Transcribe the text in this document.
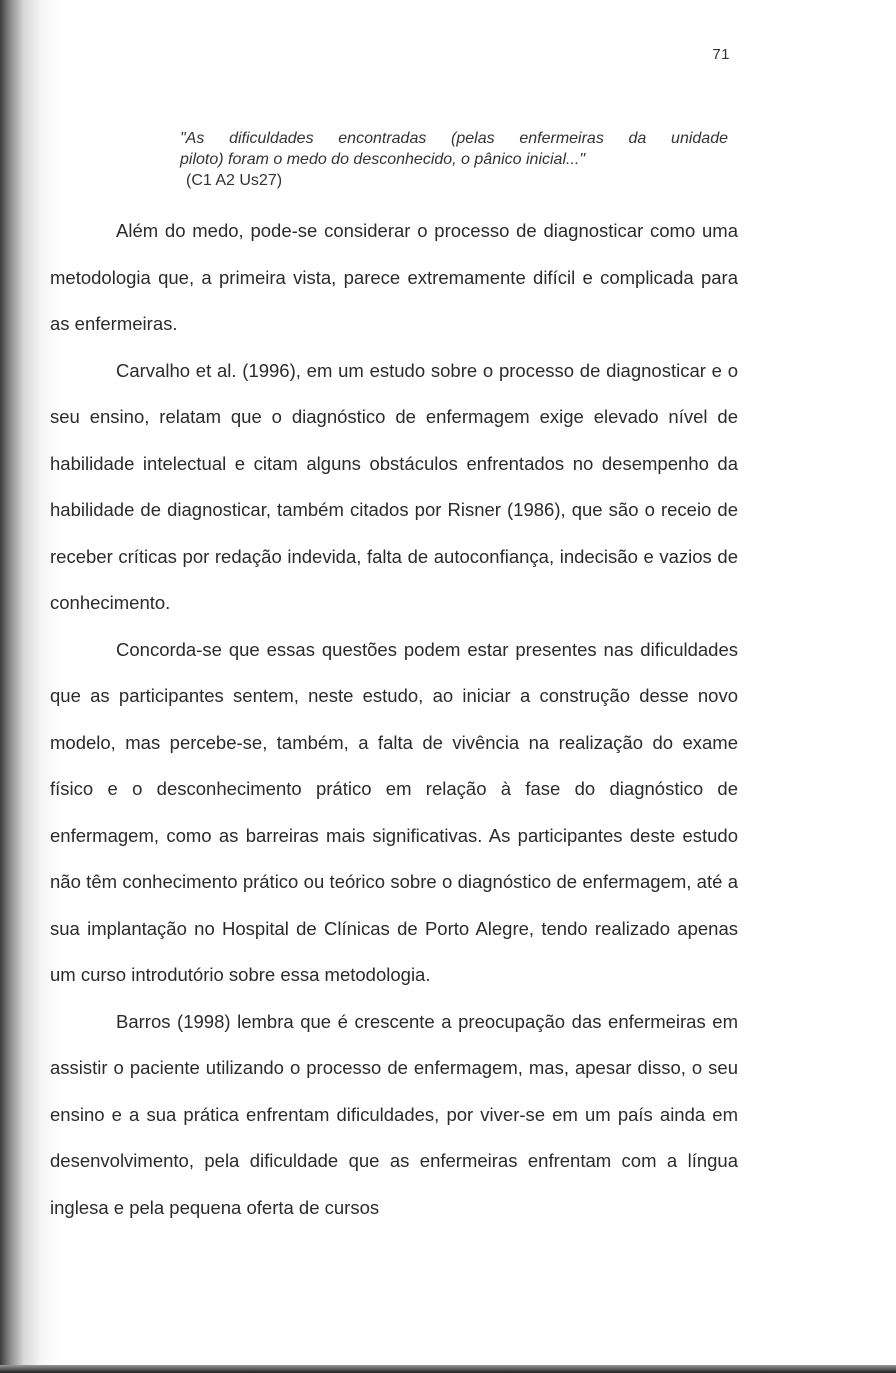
71
"As dificuldades encontradas (pelas enfermeiras da unidade
piloto) foram o medo do desconhecido, o pânico inicial..."
(C1 A2 Us27)

Além do medo, pode-se considerar o processo de diagnosticar como uma metodologia que, a primeira vista, parece extremamente difícil e complicada para as enfermeiras.

Carvalho et al. (1996), em um estudo sobre o processo de diagnosticar e o seu ensino, relatam que o diagnóstico de enfermagem exige elevado nível de habilidade intelectual e citam alguns obstáculos enfrentados no desempenho da habilidade de diagnosticar, também citados por Risner (1986), que são o receio de receber críticas por redação indevida, falta de autoconfiança, indecisão e vazios de conhecimento.

Concorda-se que essas questões podem estar presentes nas dificuldades que as participantes sentem, neste estudo, ao iniciar a construção desse novo modelo, mas percebe-se, também, a falta de vivência na realização do exame físico e o desconhecimento prático em relação à fase do diagnóstico de enfermagem, como as barreiras mais significativas. As participantes deste estudo não têm conhecimento prático ou teórico sobre o diagnóstico de enfermagem, até a sua implantação no Hospital de Clínicas de Porto Alegre, tendo realizado apenas um curso introdutório sobre essa metodologia.

Barros (1998) lembra que é crescente a preocupação das enfermeiras em assistir o paciente utilizando o processo de enfermagem, mas, apesar disso, o seu ensino e a sua prática enfrentam dificuldades, por viver-se em um país ainda em desenvolvimento, pela dificuldade que as enfermeiras enfrentam com a língua inglesa e pela pequena oferta de cursos
